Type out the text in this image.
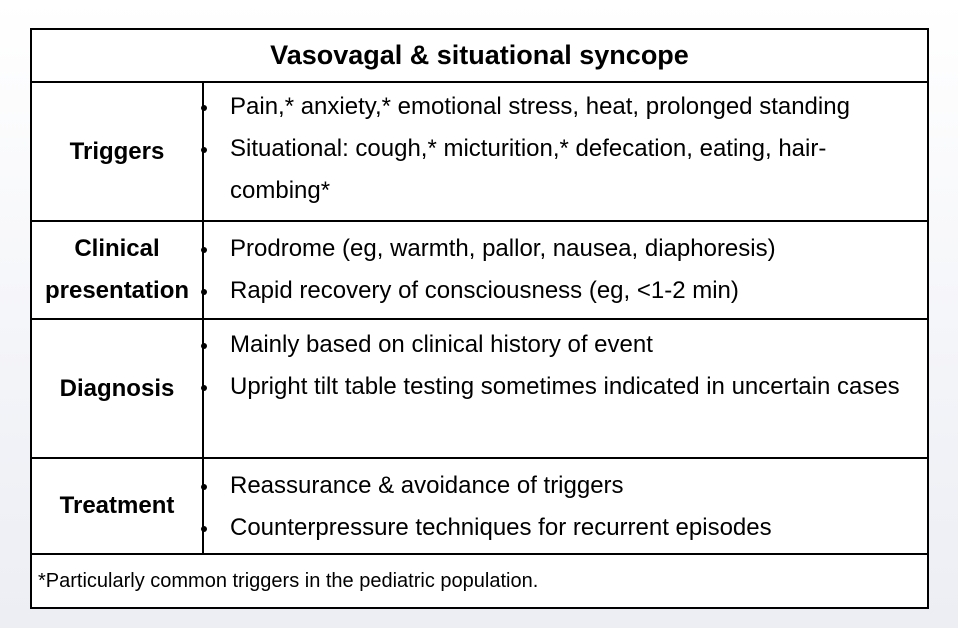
Vasovagal & situational syncope
Triggers
Pain,* anxiety,* emotional stress, heat, prolonged standing
Situational: cough,* micturition,* defecation, eating, hair-combing*
Clinical presentation
Prodrome (eg, warmth, pallor, nausea, diaphoresis)
Rapid recovery of consciousness (eg, <1-2 min)
Diagnosis
Mainly based on clinical history of event
Upright tilt table testing sometimes indicated in uncertain cases
Treatment
Reassurance & avoidance of triggers
Counterpressure techniques for recurrent episodes
*Particularly common triggers in the pediatric population.
